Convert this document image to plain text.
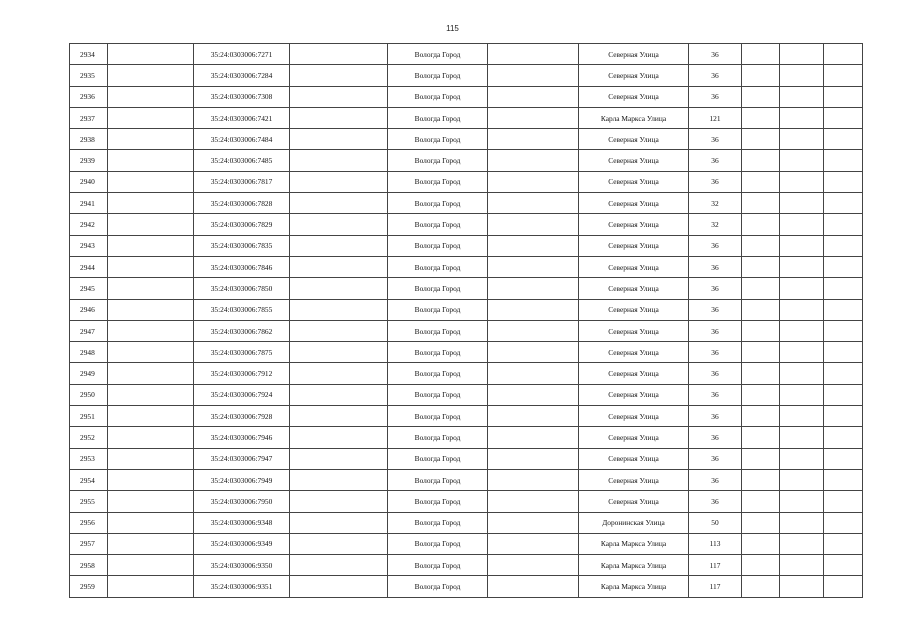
115
2934		35:24:0303006:7271		Вологда Город		Северная Улица	36			
2935		35:24:0303006:7284		Вологда Город		Северная Улица	36			
2936		35:24:0303006:7308		Вологда Город		Северная Улица	36			
2937		35:24:0303006:7421		Вологда Город		Карла Маркса Улица	121			
2938		35:24:0303006:7484		Вологда Город		Северная Улица	36			
2939		35:24:0303006:7485		Вологда Город		Северная Улица	36			
2940		35:24:0303006:7817		Вологда Город		Северная Улица	36			
2941		35:24:0303006:7828		Вологда Город		Северная Улица	32			
2942		35:24:0303006:7829		Вологда Город		Северная Улица	32			
2943		35:24:0303006:7835		Вологда Город		Северная Улица	36			
2944		35:24:0303006:7846		Вологда Город		Северная Улица	36			
2945		35:24:0303006:7850		Вологда Город		Северная Улица	36			
2946		35:24:0303006:7855		Вологда Город		Северная Улица	36			
2947		35:24:0303006:7862		Вологда Город		Северная Улица	36			
2948		35:24:0303006:7875		Вологда Город		Северная Улица	36			
2949		35:24:0303006:7912		Вологда Город		Северная Улица	36			
2950		35:24:0303006:7924		Вологда Город		Северная Улица	36			
2951		35:24:0303006:7928		Вологда Город		Северная Улица	36			
2952		35:24:0303006:7946		Вологда Город		Северная Улица	36			
2953		35:24:0303006:7947		Вологда Город		Северная Улица	36			
2954		35:24:0303006:7949		Вологда Город		Северная Улица	36			
2955		35:24:0303006:7950		Вологда Город		Северная Улица	36			
2956		35:24:0303006:9348		Вологда Город		Доронинская Улица	50			
2957		35:24:0303006:9349		Вологда Город		Карла Маркса Улица	113			
2958		35:24:0303006:9350		Вологда Город		Карла Маркса Улица	117			
2959		35:24:0303006:9351		Вологда Город		Карла Маркса Улица	117			
